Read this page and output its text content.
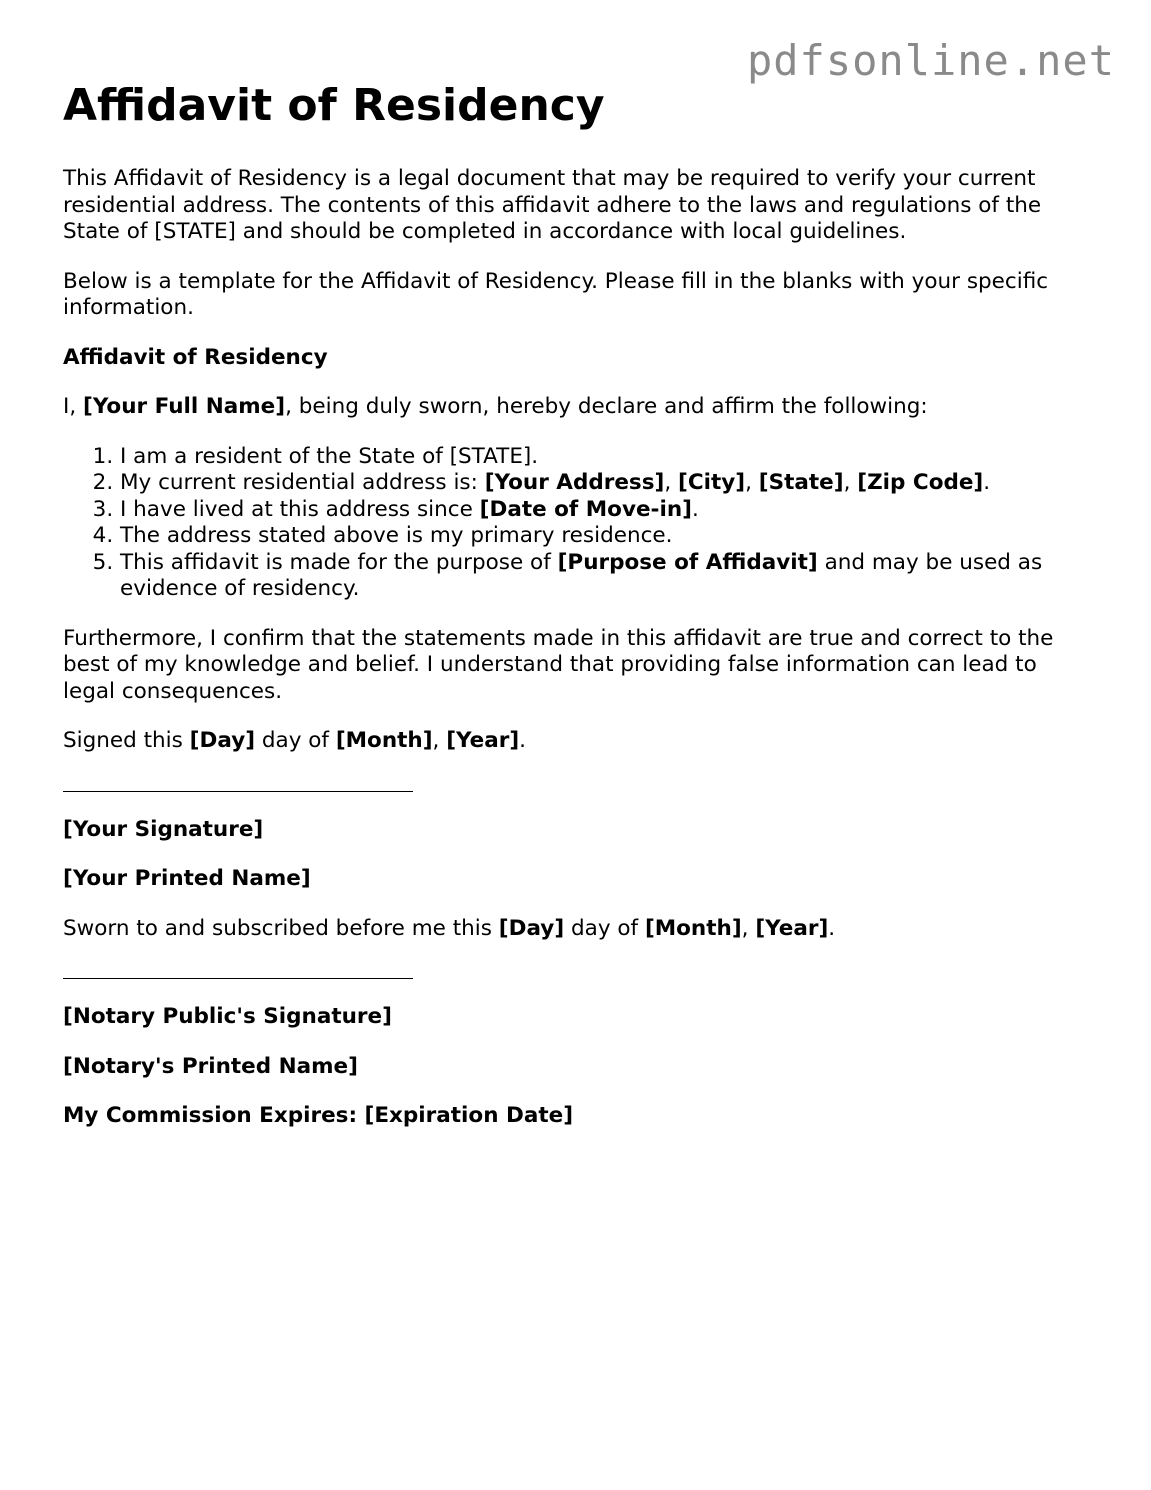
pdfsonline.net
Affidavit of Residency

This Affidavit of Residency is a legal document that may be required to verify your current residential address. The contents of this affidavit adhere to the laws and regulations of the State of [STATE] and should be completed in accordance with local guidelines.

Below is a template for the Affidavit of Residency. Please fill in the blanks with your specific information.

Affidavit of Residency

I, [Your Full Name], being duly sworn, hereby declare and affirm the following:

1. I am a resident of the State of [STATE].
2. My current residential address is: [Your Address], [City], [State], [Zip Code].
3. I have lived at this address since [Date of Move-in].
4. The address stated above is my primary residence.
5. This affidavit is made for the purpose of [Purpose of Affidavit] and may be used as evidence of residency.

Furthermore, I confirm that the statements made in this affidavit are true and correct to the best of my knowledge and belief. I understand that providing false information can lead to legal consequences.

Signed this [Day] day of [Month], [Year].

[Your Signature]

[Your Printed Name]

Sworn to and subscribed before me this [Day] day of [Month], [Year].

[Notary Public's Signature]

[Notary's Printed Name]

My Commission Expires: [Expiration Date]
